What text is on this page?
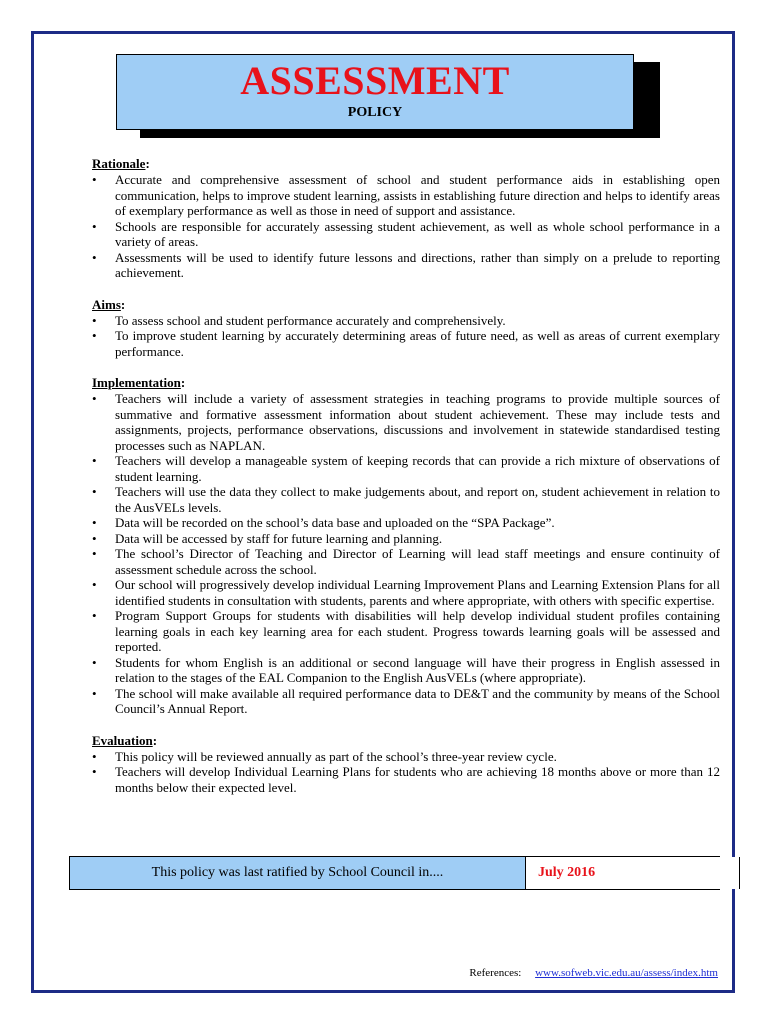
ASSESSMENT
POLICY

Rationale:

• Accurate and comprehensive assessment of school and student performance aids in establishing open communication, helps to improve student learning, assists in establishing future direction and helps to identify areas of exemplary performance as well as those in need of support and assistance.
• Schools are responsible for accurately assessing student achievement, as well as whole school performance in a variety of areas.
• Assessments will be used to identify future lessons and directions, rather than simply on a prelude to reporting achievement.

Aims:

• To assess school and student performance accurately and comprehensively.
• To improve student learning by accurately determining areas of future need, as well as areas of current exemplary performance.

Implementation:

• Teachers will include a variety of assessment strategies in teaching programs to provide multiple sources of summative and formative assessment information about student achievement. These may include tests and assignments, projects, performance observations, discussions and involvement in statewide standardised testing processes such as NAPLAN.
• Teachers will develop a manageable system of keeping records that can provide a rich mixture of observations of student learning.
• Teachers will use the data they collect to make judgements about, and report on, student achievement in relation to the AusVELs levels.
• Data will be recorded on the school’s data base and uploaded on the “SPA Package”.
• Data will be accessed by staff for future learning and planning.
• The school’s Director of Teaching and Director of Learning will lead staff meetings and ensure continuity of assessment schedule across the school.
• Our school will progressively develop individual Learning Improvement Plans and Learning Extension Plans for all identified students in consultation with students, parents and where appropriate, with others with specific expertise.
• Program Support Groups for students with disabilities will help develop individual student profiles containing learning goals in each key learning area for each student. Progress towards learning goals will be assessed and reported.
• Students for whom English is an additional or second language will have their progress in English assessed in relation to the stages of the EAL Companion to the English AusVELs (where appropriate).
• The school will make available all required performance data to DE&T and the community by means of the School Council’s Annual Report.

Evaluation:

• This policy will be reviewed annually as part of the school’s three-year review cycle.
• Teachers will develop Individual Learning Plans for students who are achieving 18 months above or more than 12 months below their expected level.
This policy was last ratified by School Council in....	July 2016
References: www.sofweb.vic.edu.au/assess/index.htm
